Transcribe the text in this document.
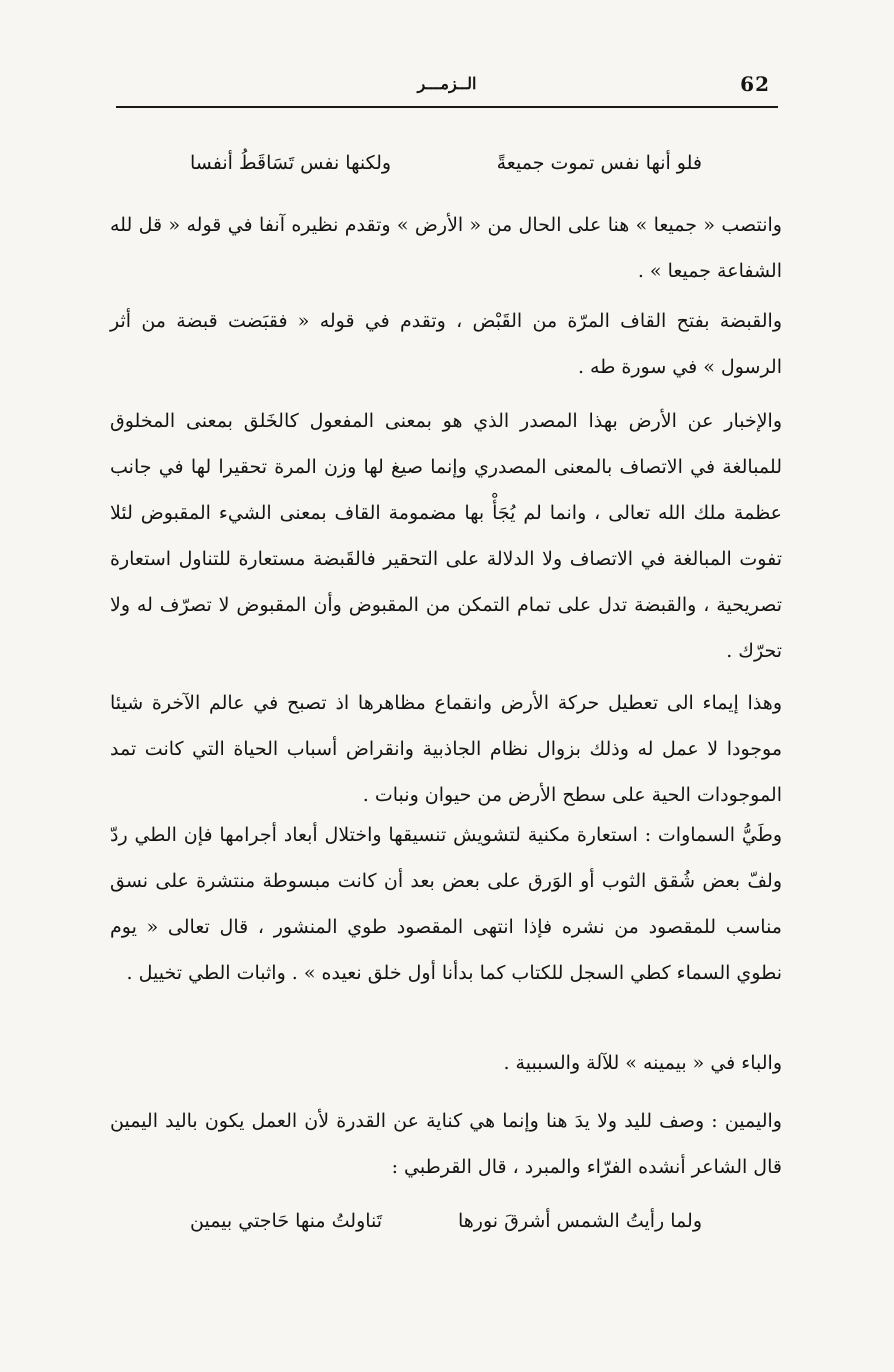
62
الــزمـــر
فلو أنها نفس تموت جميعةً
ولكنها نفس تَسَاقَطُ أنفسا

وانتصب « جميعا » هنا على الحال من « الأرض » وتقدم نظيره آنفا في قوله « قل لله الشفاعة جميعا » .

والقبضة بفتح القاف المرّة من القَبْض ، وتقدم في قوله « فقبَضت قبضة من أثر الرسول » في سورة طه .

والإخبار عن الأرض بهذا المصدر الذي هو بمعنى المفعول كالخَلق بمعنى المخلوق للمبالغة في الاتصاف بالمعنى المصدري وإنما صيغ لها وزن المرة تحقيرا لها في جانب عظمة ملك الله تعالى ، وانما لم يُجَأْ بها مضمومة القاف بمعنى الشيء المقبوض لئلا تفوت المبالغة في الاتصاف ولا الدلالة على التحقير فالقَبضة مستعارة للتناول استعارة تصريحية ، والقبضة تدل على تمام التمكن من المقبوض وأن المقبوض لا تصرّف له ولا تحرّك .

وهذا إيماء الى تعطيل حركة الأرض وانقماع مظاهرها اذ تصبح في عالم الآخرة شيئا موجودا لا عمل له وذلك بزوال نظام الجاذبية وانقراض أسباب الحياة التي كانت تمد الموجودات الحية على سطح الأرض من حيوان ونبات .

وطَيُّ السماوات : استعارة مكنية لتشويش تنسيقها واختلال أبعاد أجرامها فإن الطي ردّ ولفّ بعض شُقق الثوب أو الوَرق على بعض بعد أن كانت مبسوطة منتشرة على نسق مناسب للمقصود من نشره فإذا انتهى المقصود طوي المنشور ، قال تعالى « يوم نطوي السماء كطي السجل للكتاب كما بدأنا أول خلق نعيده » . واثبات الطي تخييل .

والباء في « بيمينه » للآلة والسببية .

واليمين : وصف لليد ولا يدَ هنا وإنما هي كناية عن القدرة لأن العمل يكون باليد اليمين قال الشاعر أنشده الفرّاء والمبرد ، قال القرطبي :

ولما رأيتُ الشمس أشرقَ نورها
تَناولتُ منها حَاجتي بيمين
